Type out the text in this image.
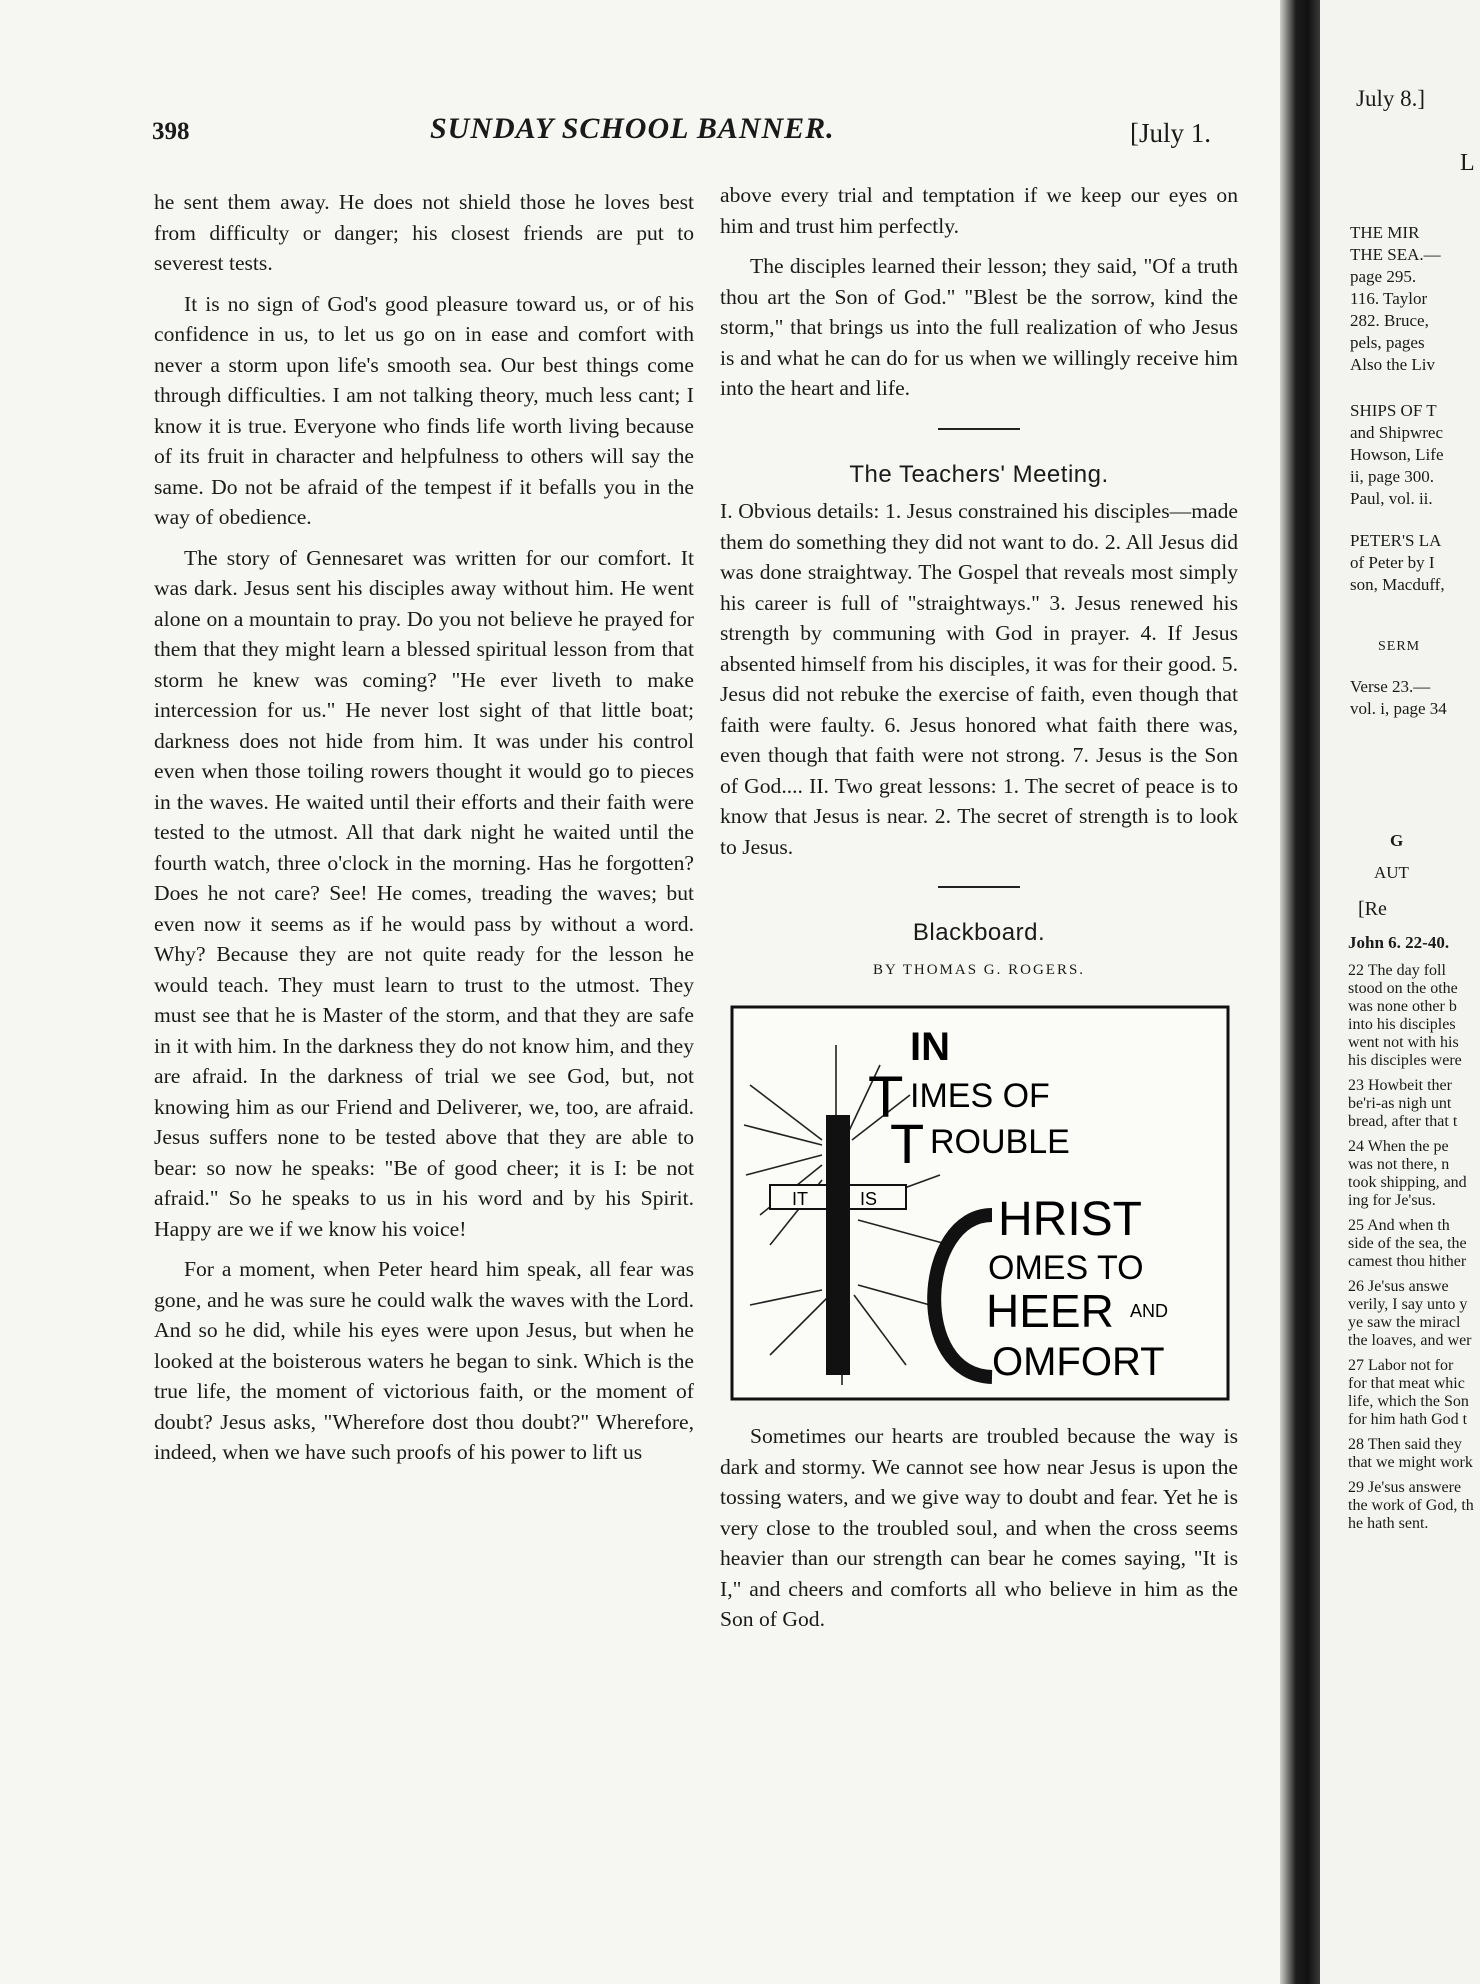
398	SUNDAY SCHOOL BANNER.	[July 1.

he sent them away. He does not shield those he loves best from difficulty or danger; his closest friends are put to severest tests.

It is no sign of God's good pleasure toward us, or of his confidence in us, to let us go on in ease and comfort with never a storm upon life's smooth sea. Our best things come through difficulties. I am not talking theory, much less cant; I know it is true. Everyone who finds life worth living because of its fruit in character and helpfulness to others will say the same. Do not be afraid of the tempest if it befalls you in the way of obedience.

The story of Gennesaret was written for our comfort. It was dark. Jesus sent his disciples away without him. He went alone on a mountain to pray. Do you not believe he prayed for them that they might learn a blessed spiritual lesson from that storm he knew was coming? "He ever liveth to make intercession for us." He never lost sight of that little boat; darkness does not hide from him. It was under his control even when those toiling rowers thought it would go to pieces in the waves. He waited until their efforts and their faith were tested to the utmost. All that dark night he waited until the fourth watch, three o'clock in the morning. Has he forgotten? Does he not care? See! He comes, treading the waves; but even now it seems as if he would pass by without a word. Why? Because they are not quite ready for the lesson he would teach. They must learn to trust to the utmost. They must see that he is Master of the storm, and that they are safe in it with him. In the darkness they do not know him, and they are afraid. In the darkness of trial we see God, but, not knowing him as our Friend and Deliverer, we, too, are afraid. Jesus suffers none to be tested above that they are able to bear: so now he speaks: "Be of good cheer; it is I: be not afraid." So he speaks to us in his word and by his Spirit. Happy are we if we know his voice!

For a moment, when Peter heard him speak, all fear was gone, and he was sure he could walk the waves with the Lord. And so he did, while his eyes were upon Jesus, but when he looked at the boisterous waters he began to sink. Which is the true life, the moment of victorious faith, or the moment of doubt? Jesus asks, "Wherefore dost thou doubt?" Wherefore, indeed, when we have such proofs of his power to lift us

above every trial and temptation if we keep our eyes on him and trust him perfectly.

The disciples learned their lesson; they said, "Of a truth thou art the Son of God." "Blest be the sorrow, kind the storm," that brings us into the full realization of who Jesus is and what he can do for us when we willingly receive him into the heart and life.

The Teachers' Meeting.

I. Obvious details: 1. Jesus constrained his disciples—made them do something they did not want to do. 2. All Jesus did was done straightway. The Gospel that reveals most simply his career is full of "straightways." 3. Jesus renewed his strength by communing with God in prayer. 4. If Jesus absented himself from his disciples, it was for their good. 5. Jesus did not rebuke the exercise of faith, even though that faith were faulty. 6. Jesus honored what faith there was, even though that faith were not strong. 7. Jesus is the Son of God.... II. Two great lessons: 1. The secret of peace is to know that Jesus is near. 2. The secret of strength is to look to Jesus.

Blackboard.
BY THOMAS G. ROGERS.
IT	IS
IN
T IMES OF
T ROUBLE
HRIST
OMES TO
HEER AND
OMFORT

Sometimes our hearts are troubled because the way is dark and stormy. We cannot see how near Jesus is upon the tossing waters, and we give way to doubt and fear. Yet he is very close to the troubled soul, and when the cross seems heavier than our strength can bear he comes saying, "It is I," and cheers and comforts all who believe in him as the Son of God.

July 8.]
L
THE MIR
THE SEA.—
page 295.
116. Taylor
282. Bruce,
pels, pages
Also the Liv
SHIPS OF T
and Shipwrec
Howson, Life
ii, page 300.
Paul, vol. ii.
PETER'S LA
of Peter by I
son, Macduff,
SERM
Verse 23.—
vol. i, page 34
G
AUT
[Re
John 6. 22-40.
22 The day foll
stood on the othe
was none other b
into his disciples
went not with his
his disciples were
23 Howbeit ther
be'ri-as nigh unt
bread, after that t
24 When the pe
was not there, n
took shipping, and
ing for Je'sus.
25 And when th
side of the sea, the
camest thou hither
26 Je'sus answe
verily, I say unto y
ye saw the miracl
the loaves, and wer
27 Labor not for
for that meat whic
life, which the Son
for him hath God t
28 Then said they
that we might work
29 Je'sus answere
the work of God, th
he hath sent.
